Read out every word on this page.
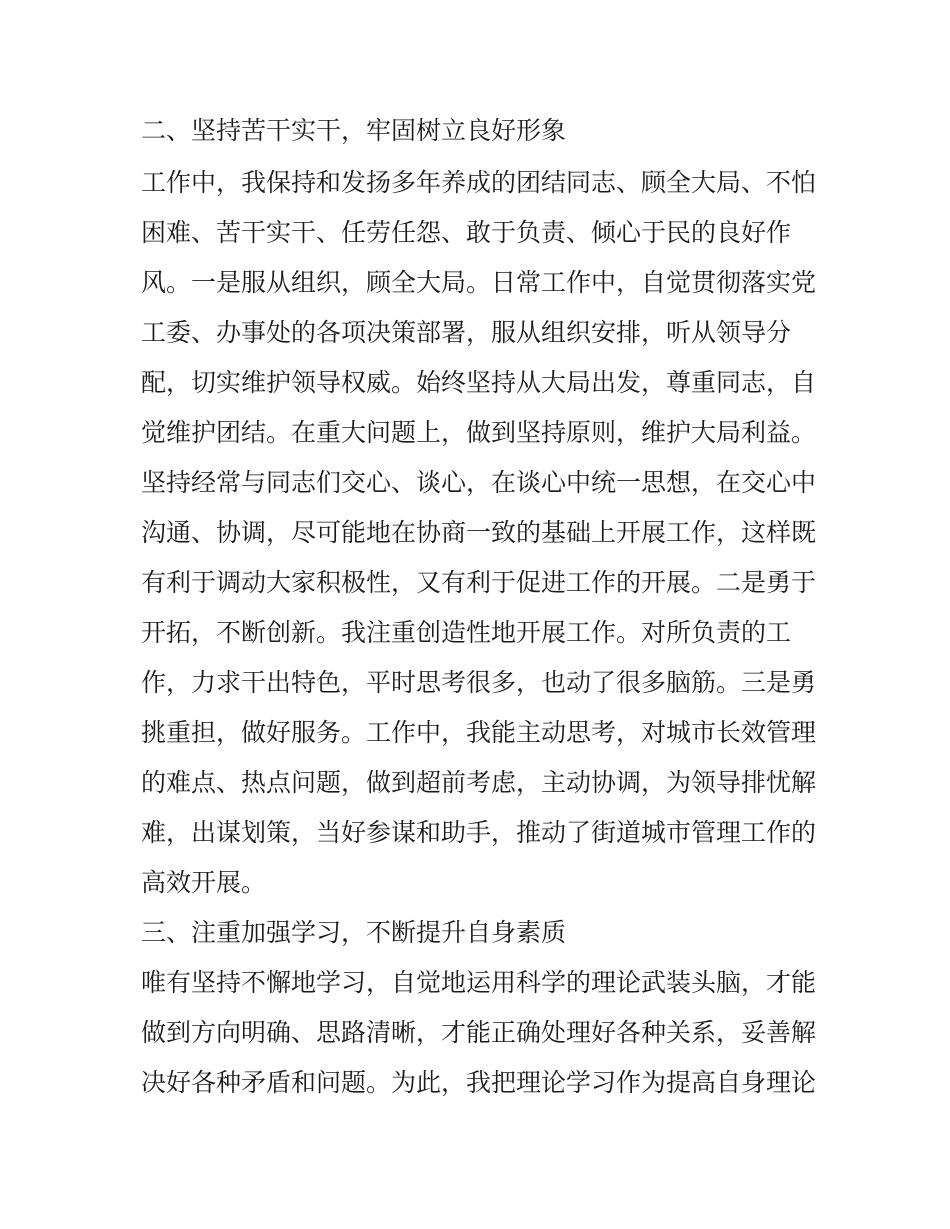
二、坚持苦干实干，牢固树立良好形象

工作中，我保持和发扬多年养成的团结同志、顾全大局、不怕

困难、苦干实干、任劳任怨、敢于负责、倾心于民的良好作

风。一是服从组织，顾全大局。日常工作中，自觉贯彻落实党

工委、办事处的各项决策部署，服从组织安排，听从领导分

配，切实维护领导权威。始终坚持从大局出发，尊重同志，自

觉维护团结。在重大问题上，做到坚持原则，维护大局利益。

坚持经常与同志们交心、谈心，在谈心中统一思想，在交心中

沟通、协调，尽可能地在协商一致的基础上开展工作，这样既

有利于调动大家积极性，又有利于促进工作的开展。二是勇于

开拓，不断创新。我注重创造性地开展工作。对所负责的工

作，力求干出特色，平时思考很多，也动了很多脑筋。三是勇

挑重担，做好服务。工作中，我能主动思考，对城市长效管理

的难点、热点问题，做到超前考虑，主动协调，为领导排忧解

难，出谋划策，当好参谋和助手，推动了街道城市管理工作的

高效开展。

三、注重加强学习，不断提升自身素质

唯有坚持不懈地学习，自觉地运用科学的理论武装头脑，才能

做到方向明确、思路清晰，才能正确处理好各种关系，妥善解

决好各种矛盾和问题。为此，我把理论学习作为提高自身理论
